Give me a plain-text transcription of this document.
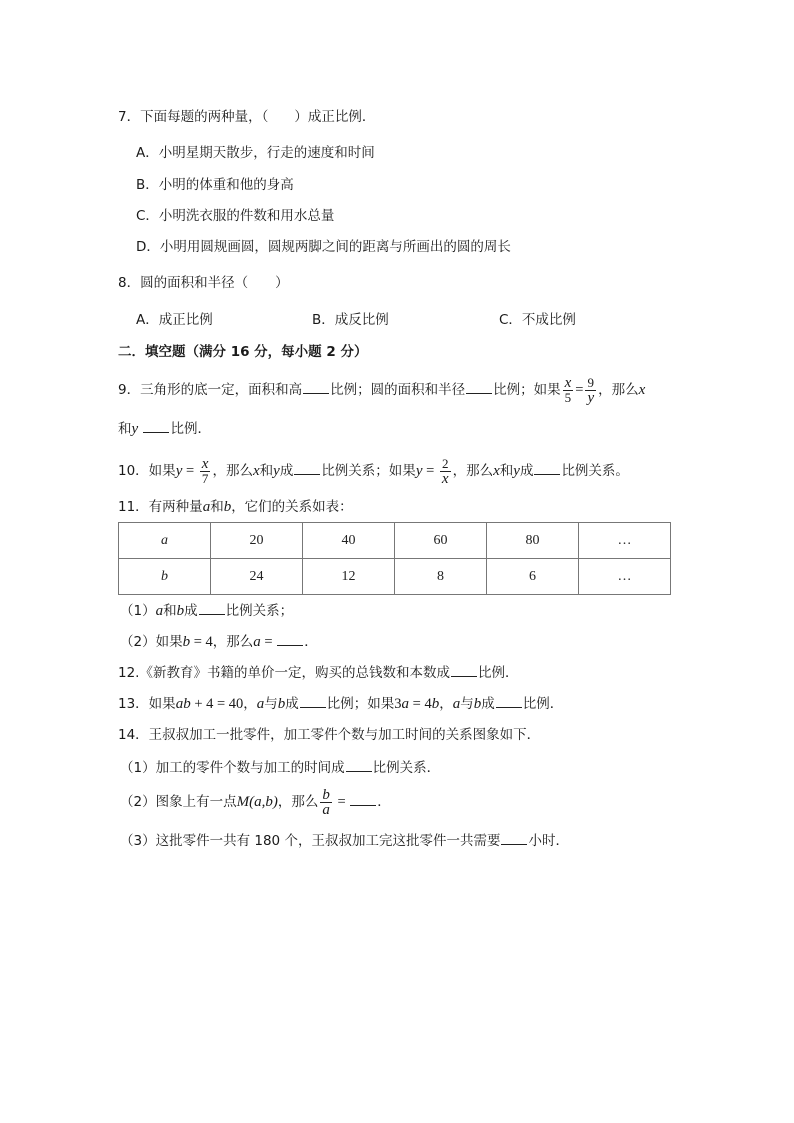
7．下面每题的两种量，（ ）成正比例．
A．小明星期天散步，行走的速度和时间
B．小明的体重和他的身高
C．小明洗衣服的件数和用水总量
D．小明用圆规画圆，圆规两脚之间的距离与所画出的圆的周长
8．圆的面积和半径（　　）
A．成正比例	B．成反比例	C．不成比例
二．填空题（满分 16 分，每小题 2 分）
9．三角形的底一定，面积和高 比例；圆的面积和半径 比例；如果 $\frac{x}{5} = \frac{9}{y}$ ，那么x
和y 比例．
10．如果$y = \frac{x}{7}$ ，那么x和y成 比例关系；如果$y = \frac{2}{x}$ ，那么x和y成 比例关系。
11．有两种量a和b，它们的关系如表：
a	20	40	60	80	…
b	24	12	8	6	…
（1）a和b成 比例关系；
（2）如果b = 4，那么a = ．
12.《新教育》书籍的单价一定，购买的总钱数和本数成 比例．
13．如果ab + 4 = 40，a与b成 比例；如果3a = 4b，a与b成 比例．
14．王叔叔加工一批零件，加工零件个数与加工时间的关系图象如下．
（1）加工的零件个数与加工的时间成 比例关系．
（2）图象上有一点M(a,b)，那么 $\frac{b}{a}$ = ．
（3）这批零件一共有 180 个，王叔叔加工完这批零件一共需要 小时．
